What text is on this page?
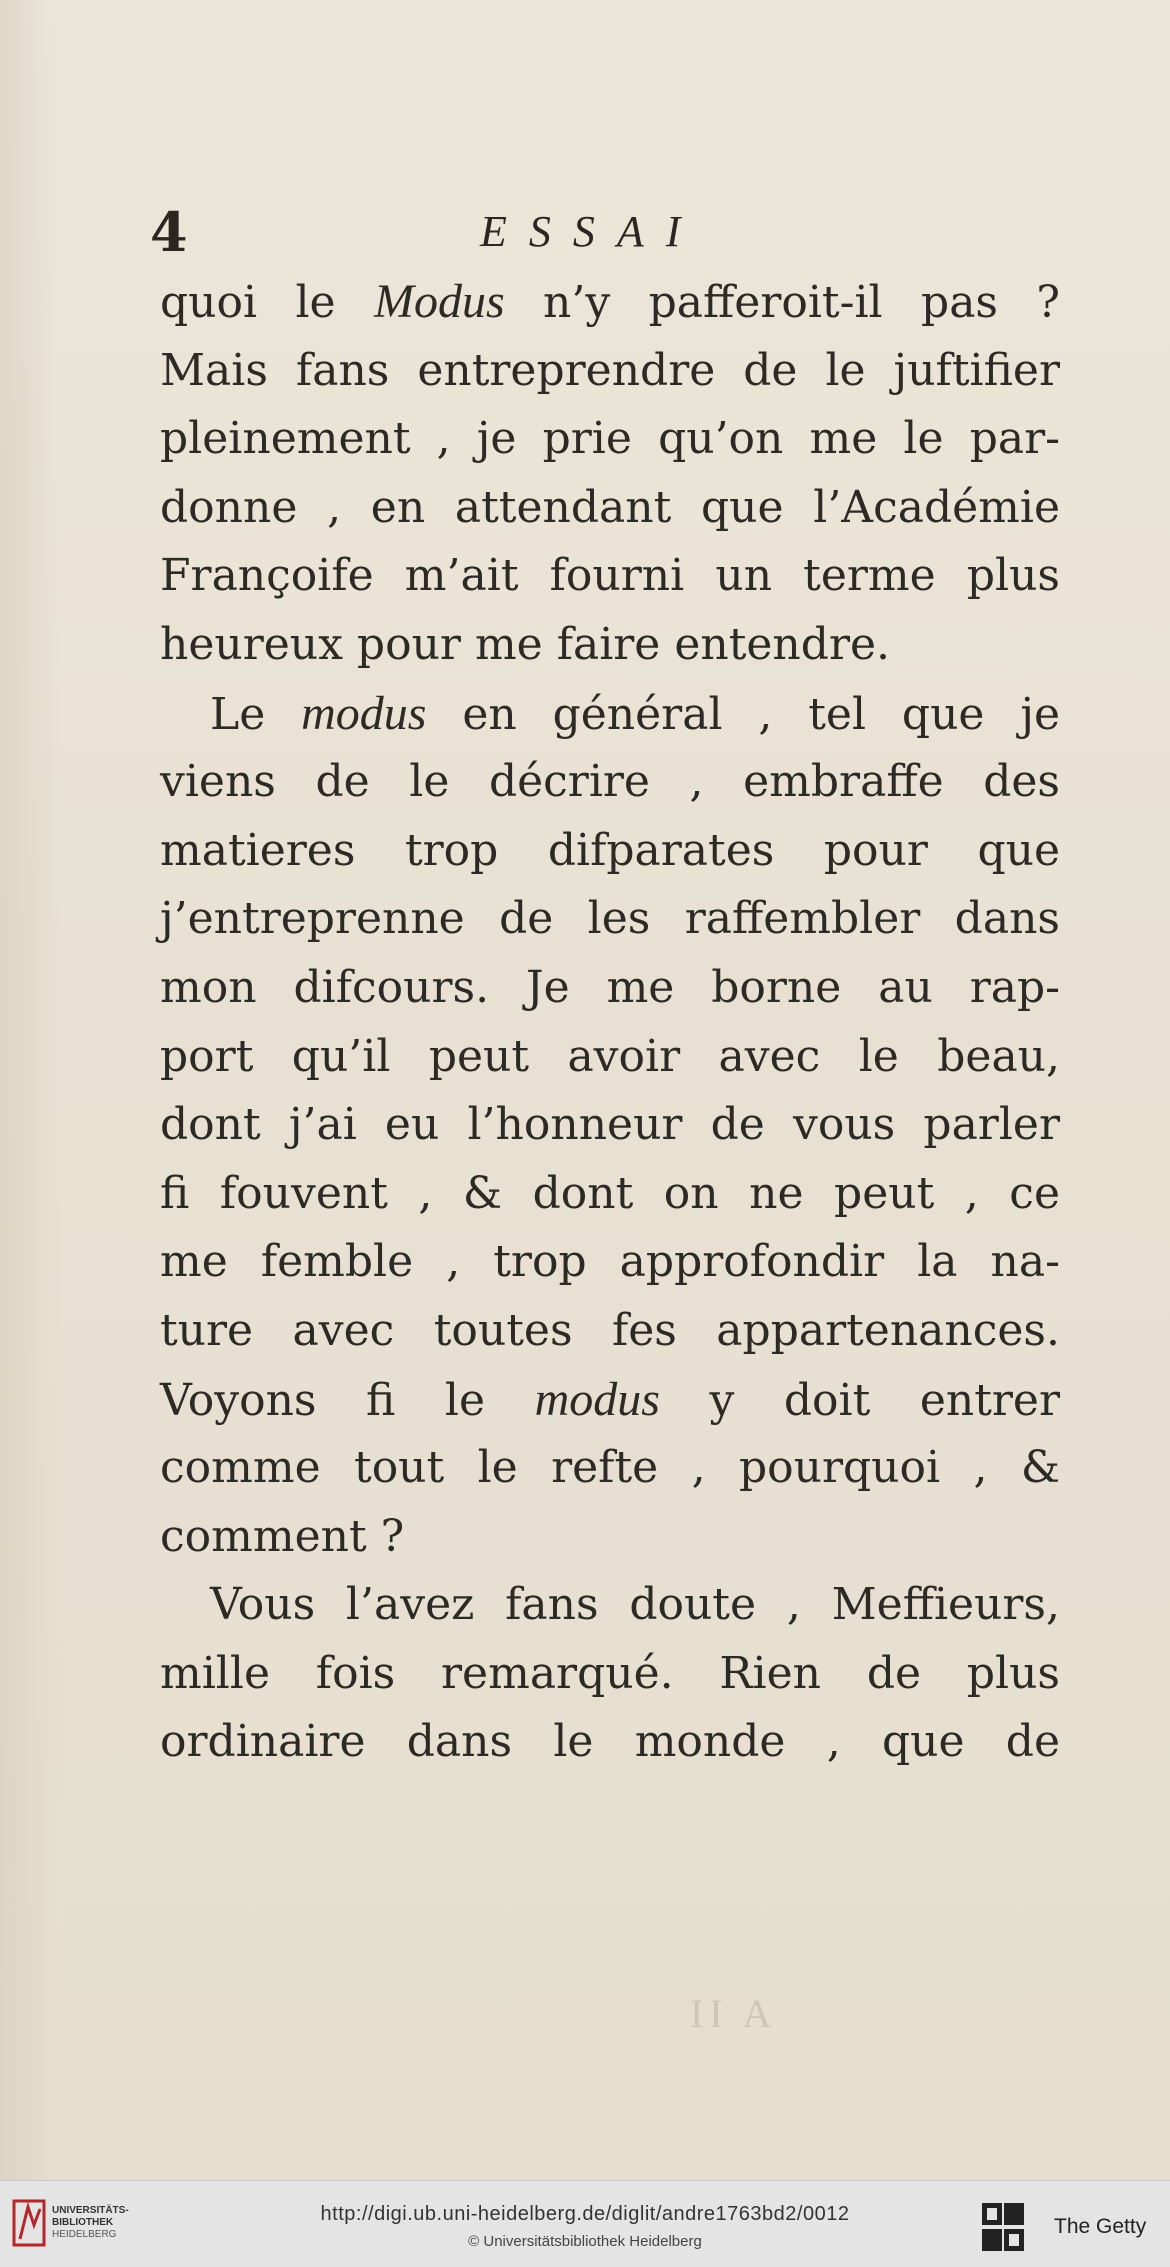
4	ESSAI
quoi le Modus n’y pafferoit-il pas ?
Mais fans entreprendre de le juftifier
pleinement , je prie qu’on me le par-
donne , en attendant que l’Académie
Françoife m’ait fourni un terme plus
heureux pour me faire entendre.
Le modus en général , tel que je
viens de le décrire , embraffe des
matieres trop difparates pour que
j’entreprenne de les raffembler dans
mon difcours. Je me borne au rap-
port qu’il peut avoir avec le beau,
dont j’ai eu l’honneur de vous parler
fi fouvent , & dont on ne peut , ce
me femble , trop approfondir la na-
ture avec toutes fes appartenances.
Voyons fi le modus y doit entrer
comme tout le refte , pourquoi , &
comment ?
Vous l’avez fans doute , Meffieurs,
mille fois remarqué. Rien de plus
ordinaire dans le monde , que de
II A
UNIVERSITÄTS-
BIBLIOTHEK
HEIDELBERG
http://digi.ub.uni-heidelberg.de/diglit/andre1763bd2/0012
© Universitätsbibliothek Heidelberg
The Getty
